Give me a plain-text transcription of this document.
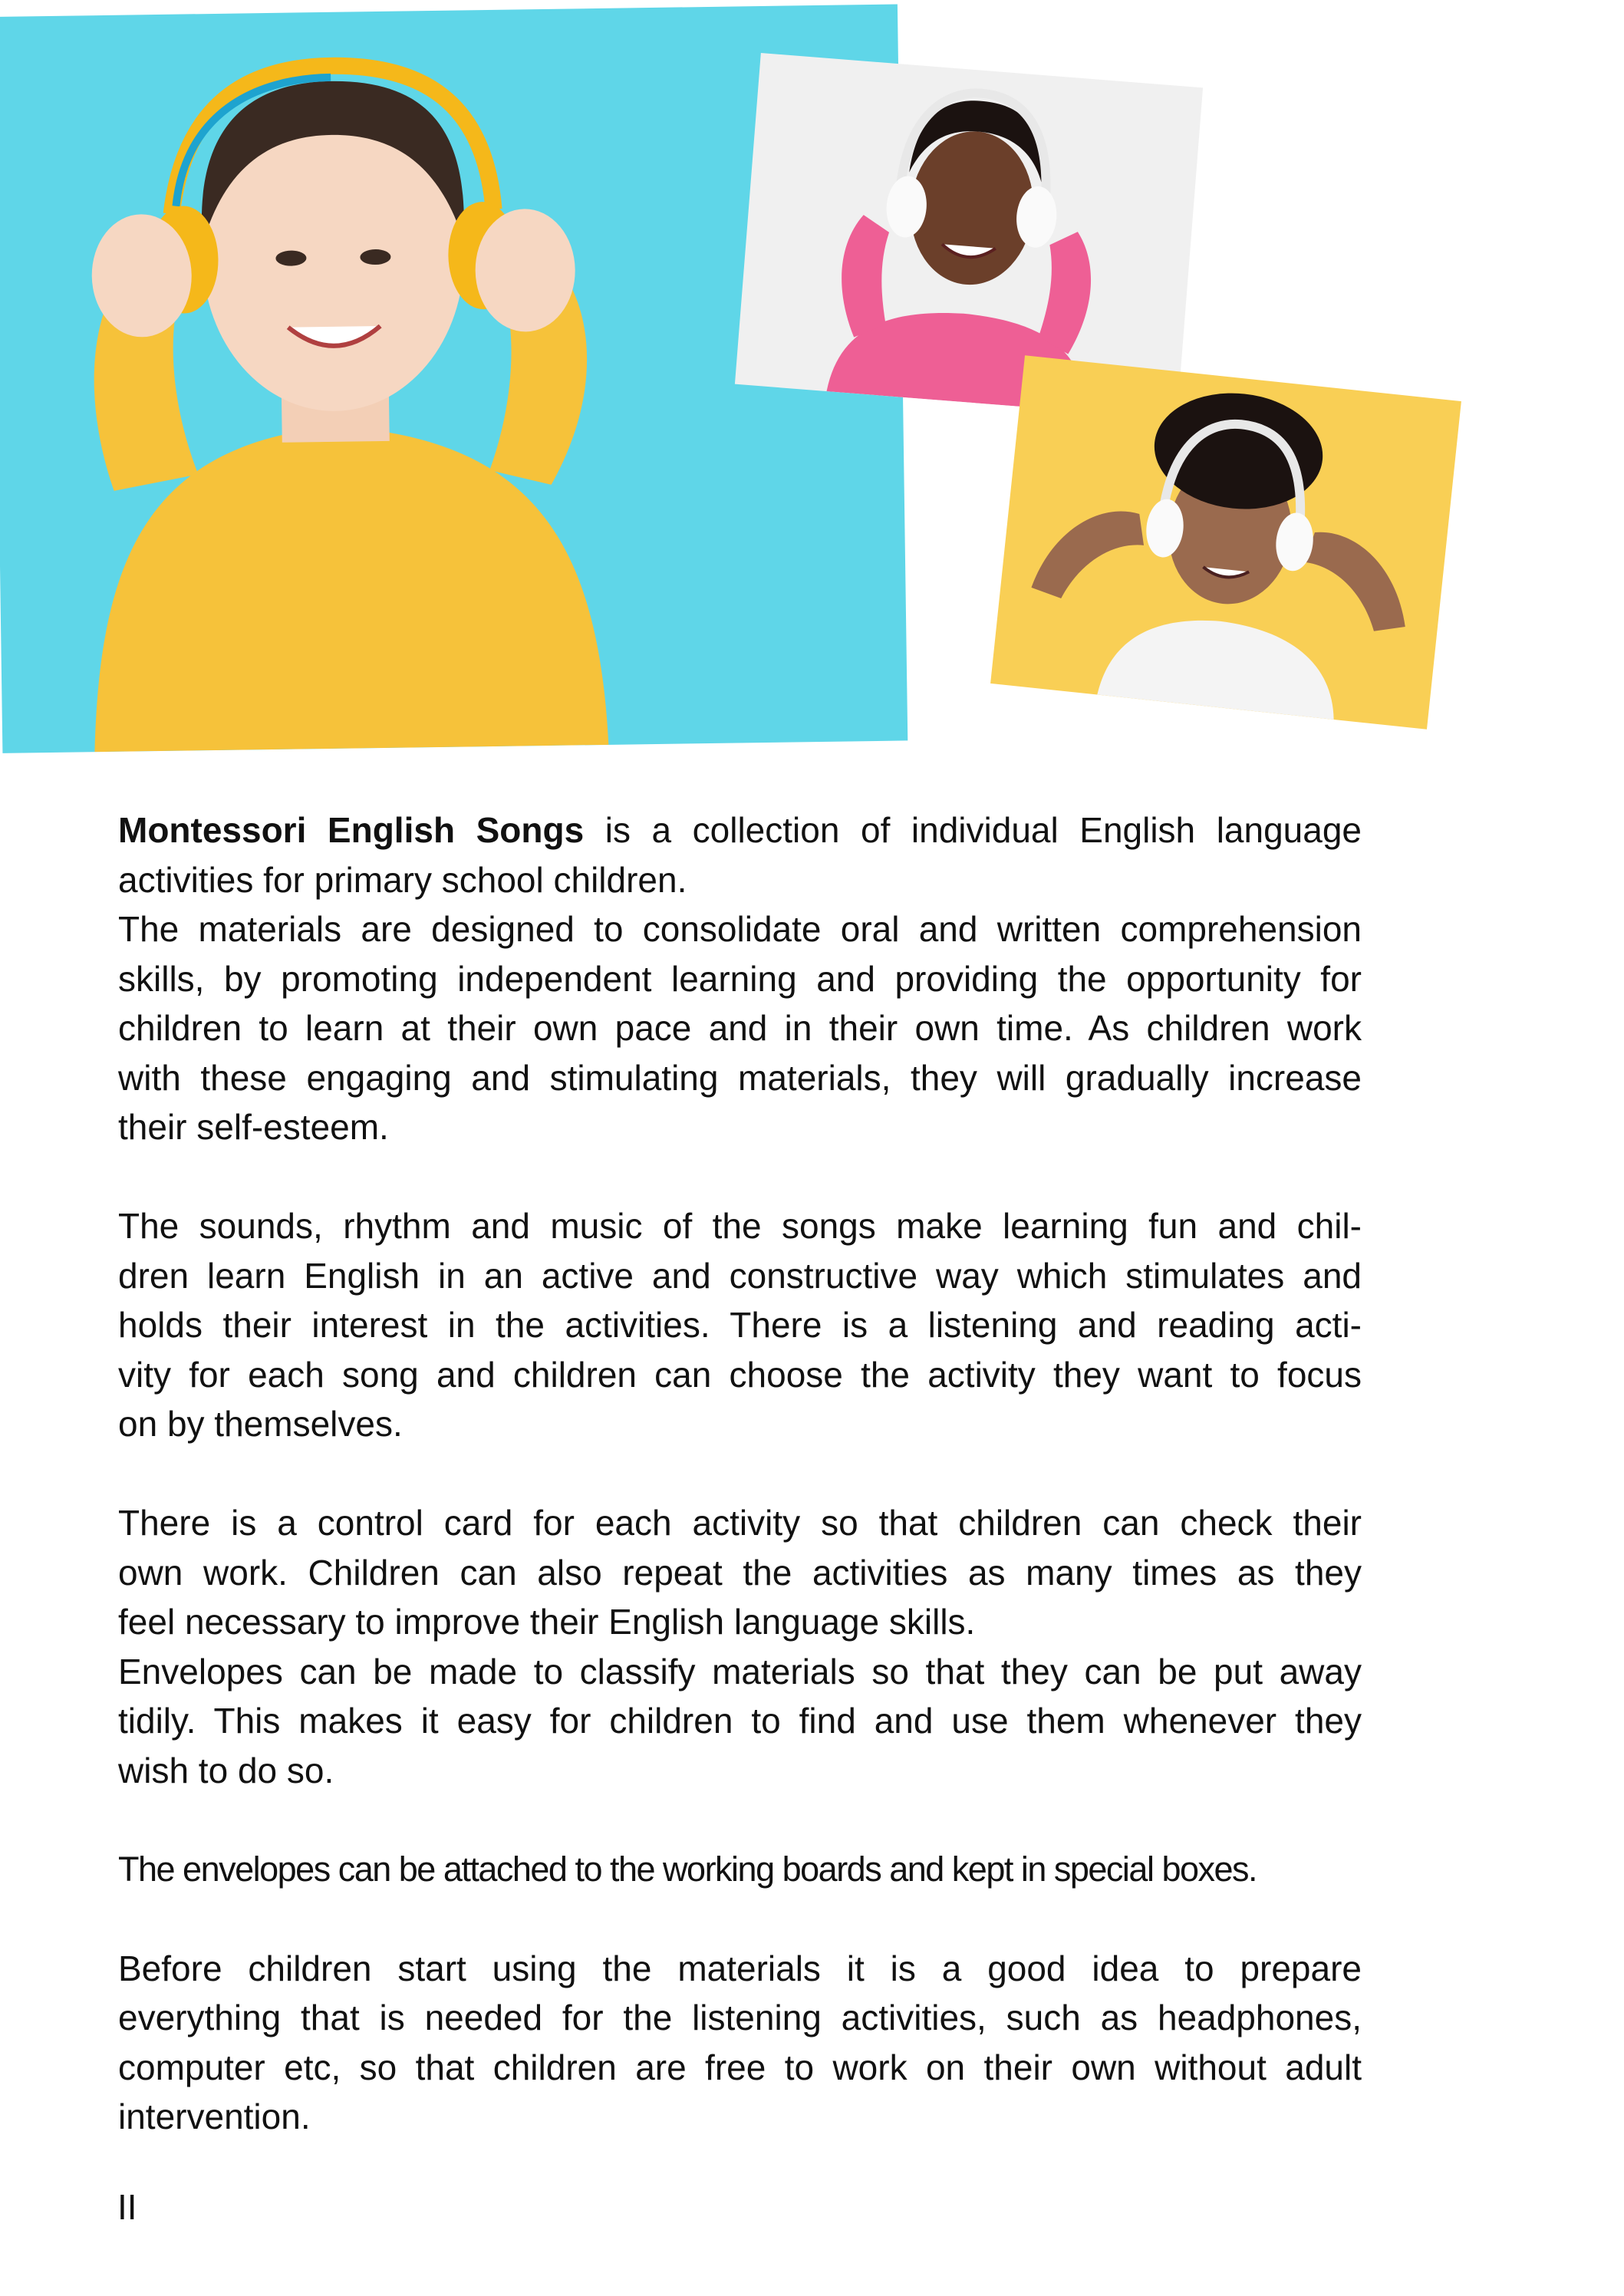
Montessori English Songs is a collection of individual English language
activities for primary school children.
The materials are designed to consolidate oral and written comprehension
skills, by promoting independent learning and providing the opportunity for
children to learn at their own pace and in their own time. As children work
with these engaging and stimulating materials, they will gradually increase
their self-esteem.
The sounds, rhythm and music of the songs make learning fun and chil-
dren learn English in an active and constructive way which stimulates and
holds their interest in the activities. There is a listening and reading acti-
vity for each song and children can choose the activity they want to focus
on by themselves.
There is a control card for each activity so that children can check their
own work. Children can also repeat the activities as many times as they
feel necessary to improve their English language skills.
Envelopes can be made to classify materials so that they can be put away
tidily. This makes it easy for children to find and use them whenever they
wish to do so.
The envelopes can be attached to the working boards and kept in special boxes.
Before children start using the materials it is a good idea to prepare
everything that is needed for the listening activities, such as headphones,
computer etc, so that children are free to work on their own without adult
intervention.
II
